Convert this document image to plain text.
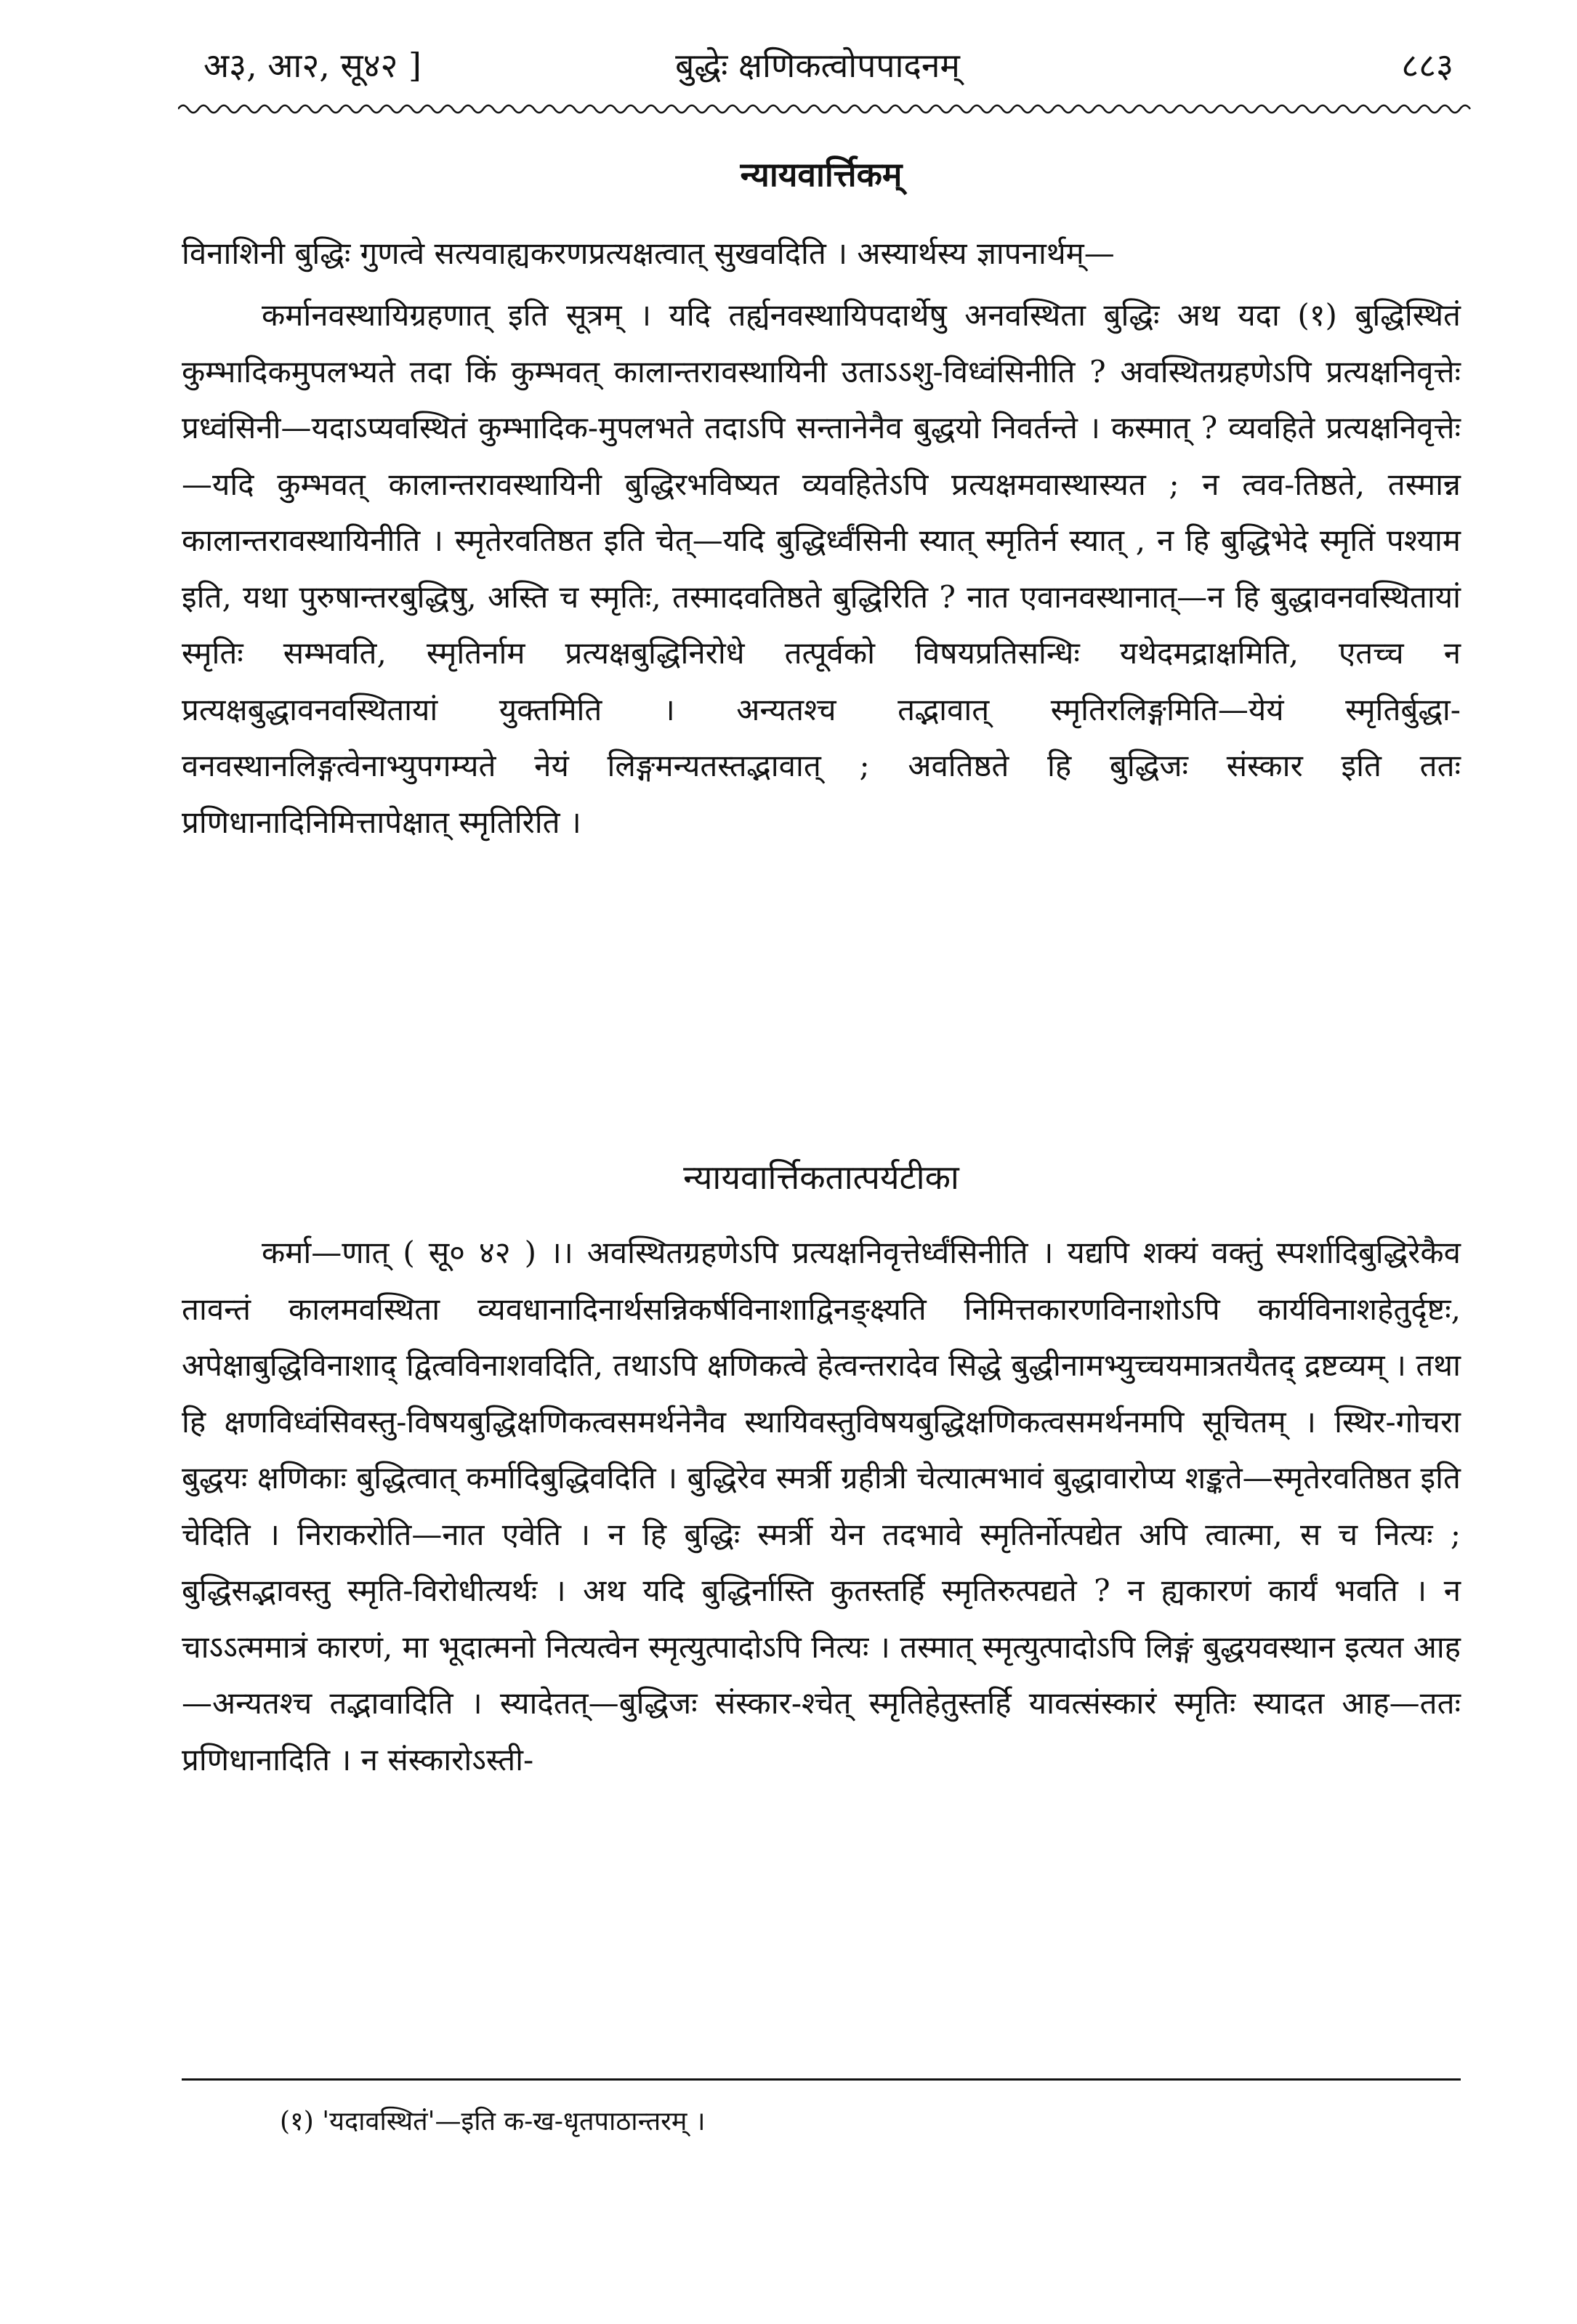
अ३, आ२, सू४२ ]	बुद्धेः क्षणिकत्वोपपादनम्	८८३
न्यायवार्त्तिकम्

विनाशिनी बुद्धिः गुणत्वे सत्यवाह्यकरणप्रत्यक्षत्वात् सुखवदिति । अस्यार्थस्य ज्ञापनार्थम्—

कर्मानवस्थायिग्रहणात् इति सूत्रम् । यदि तर्ह्यनवस्थायिपदार्थेषु अनवस्थिता बुद्धिः अथ यदा (१) बुद्धिस्थितं कुम्भादिकमुपलभ्यते तदा किं कुम्भवत् कालान्तरावस्थायिनी उताऽऽशु-विध्वंसिनीति ? अवस्थितग्रहणेऽपि प्रत्यक्षनिवृत्तेः प्रध्वंसिनी—यदाऽप्यवस्थितं कुम्भादिक-मुपलभते तदाऽपि सन्तानेनैव बुद्धयो निवर्तन्ते । कस्मात् ? व्यवहिते प्रत्यक्षनिवृत्तेः—यदि कुम्भवत् कालान्तरावस्थायिनी बुद्धिरभविष्यत व्यवहितेऽपि प्रत्यक्षमवास्थास्यत ; न त्वव-तिष्ठते, तस्मान्न कालान्तरावस्थायिनीति । स्मृतेरवतिष्ठत इति चेत्—यदि बुद्धिर्ध्वंसिनी स्यात् स्मृतिर्न स्यात् , न हि बुद्धिभेदे स्मृतिं पश्याम इति, यथा पुरुषान्तरबुद्धिषु, अस्ति च स्मृतिः, तस्मादवतिष्ठते बुद्धिरिति ? नात एवानवस्थानात्—न हि बुद्धावनवस्थितायां स्मृतिः सम्भवति, स्मृतिर्नाम प्रत्यक्षबुद्धिनिरोधे तत्पूर्वको विषयप्रतिसन्धिः यथेदमद्राक्षमिति, एतच्च न प्रत्यक्षबुद्धावनवस्थितायां युक्तमिति । अन्यतश्च तद्भावात् स्मृतिरलिङ्गमिति—येयं स्मृतिर्बुद्धा-वनवस्थानलिङ्गत्वेनाभ्युपगम्यते नेयं लिङ्गमन्यतस्तद्भावात् ; अवतिष्ठते हि बुद्धिजः संस्कार इति ततः प्रणिधानादिनिमित्तापेक्षात् स्मृतिरिति ।

न्यायवार्त्तिकतात्पर्यटीका

कर्मा—णात् ( सू० ४२ ) ।। अवस्थितग्रहणेऽपि प्रत्यक्षनिवृत्तेर्ध्वंसिनीति । यद्यपि शक्यं वक्तुं स्पर्शादिबुद्धिरेकैव तावन्तं कालमवस्थिता व्यवधानादिनार्थसन्निकर्षविनाशाद्विनङ्क्ष्यति निमित्तकारणविनाशोऽपि कार्यविनाशहेतुर्दृष्टः, अपेक्षाबुद्धिविनाशाद् द्वित्वविनाशवदिति, तथाऽपि क्षणिकत्वे हेत्वन्तरादेव सिद्धे बुद्धीनामभ्युच्चयमात्रतयैतद् द्रष्टव्यम् । तथा हि क्षणविध्वंसिवस्तु-विषयबुद्धिक्षणिकत्वसमर्थनेनैव स्थायिवस्तुविषयबुद्धिक्षणिकत्वसमर्थनमपि सूचितम् । स्थिर-गोचरा बुद्धयः क्षणिकाः बुद्धित्वात् कर्मादिबुद्धिवदिति । बुद्धिरेव स्मर्त्री ग्रहीत्री चेत्यात्मभावं बुद्धावारोप्य शङ्कते—स्मृतेरवतिष्ठत इति चेदिति । निराकरोति—नात एवेति । न हि बुद्धिः स्मर्त्री येन तदभावे स्मृतिर्नोत्पद्येत अपि त्वात्मा, स च नित्यः ; बुद्धिसद्भावस्तु स्मृति-विरोधीत्यर्थः । अथ यदि बुद्धिर्नास्ति कुतस्तर्हि स्मृतिरुत्पद्यते ? न ह्यकारणं कार्यं भवति । न चाऽऽत्ममात्रं कारणं, मा भूदात्मनो नित्यत्वेन स्मृत्युत्पादोऽपि नित्यः । तस्मात् स्मृत्युत्पादोऽपि लिङ्गं बुद्धयवस्थान इत्यत आह—अन्यतश्च तद्भावादिति । स्यादेतत्—बुद्धिजः संस्कार-श्चेत् स्मृतिहेतुस्तर्हि यावत्संस्कारं स्मृतिः स्यादत आह—ततः प्रणिधानादिति । न संस्कारोऽस्ती-

(१) 'यदावस्थितं'—इति क-ख-धृतपाठान्तरम् ।
